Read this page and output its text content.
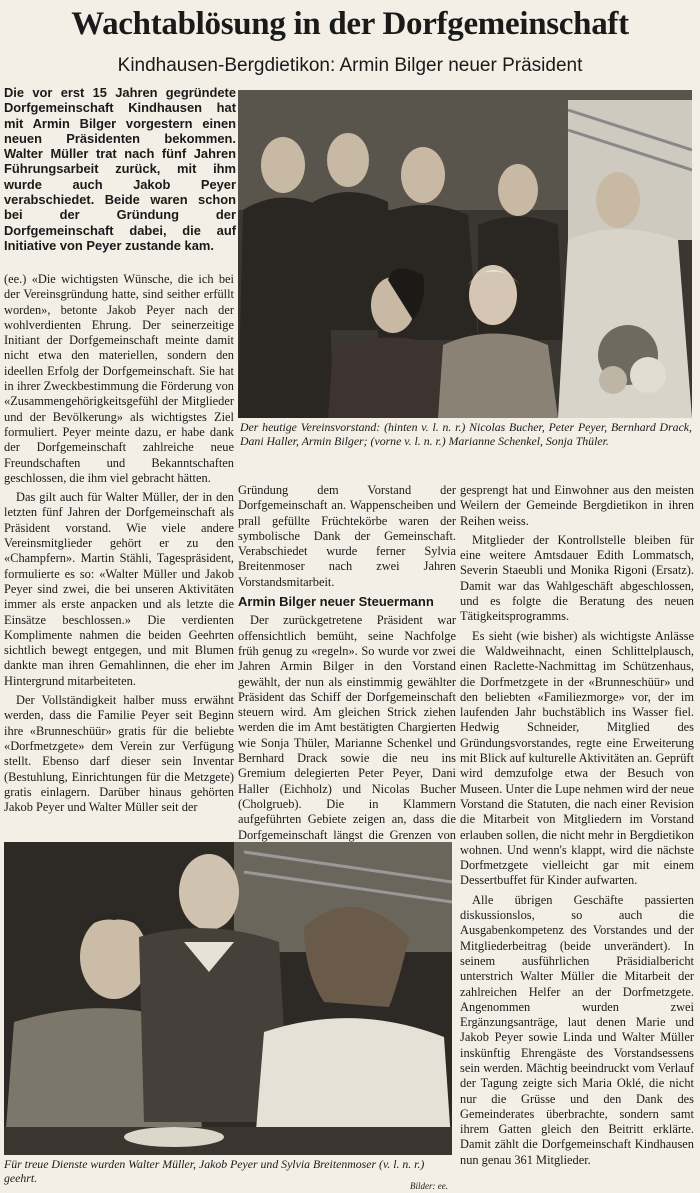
Wachtablösung in der Dorfgemeinschaft
Kindhausen-Bergdietikon: Armin Bilger neuer Präsident
Die vor erst 15 Jahren gegründete Dorfgemeinschaft Kindhausen hat mit Armin Bilger vorgestern einen neuen Präsidenten bekommen. Walter Müller trat nach fünf Jahren Führungsarbeit zurück, mit ihm wurde auch Jakob Peyer verabschiedet. Beide waren schon bei der Gründung der Dorfgemeinschaft dabei, die auf Initiative von Peyer zustande kam.
Der heutige Vereinsvorstand: (hinten v. l. n. r.) Nicolas Bucher, Peter Peyer, Bernhard Drack, Dani Haller, Armin Bilger; (vorne v. l. n. r.) Marianne Schenkel, Sonja Thüler.

(ee.) «Die wichtigsten Wünsche, die ich bei der Vereinsgründung hatte, sind seither erfüllt worden», betonte Jakob Peyer nach der wohlverdienten Ehrung. Der seinerzeitige Initiant der Dorfgemeinschaft meinte damit nicht etwa den materiellen, sondern den ideellen Erfolg der Dorfgemeinschaft. Sie hat in ihrer Zweckbestimmung die Förderung von «Zusammengehörigkeitsgefühl der Mitglieder und der Bevölkerung» als wichtigstes Ziel formuliert. Peyer meinte dazu, er habe dank der Dorfgemeinschaft zahlreiche neue Freundschaften und Bekanntschaften geschlossen, die ihm viel gebracht hätten.

Das gilt auch für Walter Müller, der in den letzten fünf Jahren der Dorfgemeinschaft als Präsident vorstand. Wie viele andere Vereinsmitglieder gehört er zu den «Champfern». Martin Stähli, Tagespräsident, formulierte es so: «Walter Müller und Jakob Peyer sind zwei, die bei unseren Aktivitäten immer als erste anpacken und als letzte die Einsätze beschlossen.» Die verdienten Komplimente nahmen die beiden Geehrten sichtlich bewegt entgegen, und mit Blumen dankte man ihren Gemahlinnen, die eher im Hintergrund mitarbeiteten.

Der Vollständigkeit halber muss erwähnt werden, dass die Familie Peyer seit Beginn ihre «Brunneschüür» gratis für die beliebte «Dorfmetzgete» dem Verein zur Verfügung stellt. Ebenso darf dieser sein Inventar (Bestuhlung, Einrichtungen für die Metzgete) gratis einlagern. Darüber hinaus gehörten Jakob Peyer und Walter Müller seit der

Gründung dem Vorstand der Dorfgemeinschaft an. Wappenscheiben und prall gefüllte Früchtekörbe waren der symbolische Dank der Gemeinschaft. Verabschiedet wurde ferner Sylvia Breitenmoser nach zwei Jahren Vorstandsmitarbeit.

Armin Bilger neuer Steuermann

Der zurückgetretene Präsident war offensichtlich bemüht, seine Nachfolge früh genug zu «regeln». So wurde vor zwei Jahren Armin Bilger in den Vorstand gewählt, der nun als einstimmig gewählter Präsident das Schiff der Dorfgemeinschaft steuern wird. Am gleichen Strick ziehen werden die im Amt bestätigten Chargierten wie Sonja Thüler, Marianne Schenkel und Bernhard Drack sowie die neu ins Gremium delegierten Peter Peyer, Dani Haller (Eichholz) und Nicolas Bucher (Cholgrueb). Die in Klammern aufgeführten Gebiete zeigen an, dass die Dorfgemeinschaft längst die Grenzen von

gesprengt hat und Einwohner aus den meisten Weilern der Gemeinde Bergdietikon in ihren Reihen weiss.

Mitglieder der Kontrollstelle bleiben für eine weitere Amtsdauer Edith Lommatsch, Severin Staeubli und Monika Rigoni (Ersatz). Damit war das Wahlgeschäft abgeschlossen, und es folgte die Beratung des neuen Tätigkeitsprogramms.

Es sieht (wie bisher) als wichtigste Anlässe die Waldweihnacht, einen Schlittelplausch, einen Raclette-Nachmittag im Schützenhaus, die Dorfmetzgete in der «Brunneschüür» und den beliebten «Familiezmorge» vor, der im laufenden Jahr buchstäblich ins Wasser fiel. Hedwig Schneider, Mitglied des Gründungsvorstandes, regte eine Erweiterung mit Blick auf kulturelle Aktivitäten an. Geprüft wird demzufolge etwa der Besuch von Museen. Unter die Lupe nehmen wird der neue Vorstand die Statuten, die nach einer Revision die Mitarbeit von Mitgliedern im Vorstand erlauben sollen, die nicht mehr in Bergdietikon wohnen. Und wenn's klappt, wird die nächste Dorfmetzgete vielleicht gar mit einem Dessertbuffet für Kinder aufwarten.

Alle übrigen Geschäfte passierten diskussionslos, so auch die Ausgabenkompetenz des Vorstandes und der Mitgliederbeitrag (beide unverändert). In seinem ausführlichen Präsidialbericht unterstrich Walter Müller die Mitarbeit der zahlreichen Helfer an der Dorfmetzgete. Angenommen wurden zwei Ergänzungsanträge, laut denen Marie und Jakob Peyer sowie Linda und Walter Müller inskünftig Ehrengäste des Vorstandsessens sein werden. Mächtig beeindruckt vom Verlauf der Tagung zeigte sich Maria Oklé, die nicht nur die Grüsse und den Dank des Gemeinderates überbrachte, sondern samt ihrem Gatten gleich den Beitritt erklärte. Damit zählt die Dorfgemeinschaft Kindhausen nun genau 361 Mitglieder.

Für treue Dienste wurden Walter Müller, Jakob Peyer und Sylvia Breitenmoser (v. l. n. r.) geehrt.
Bilder: ee.
